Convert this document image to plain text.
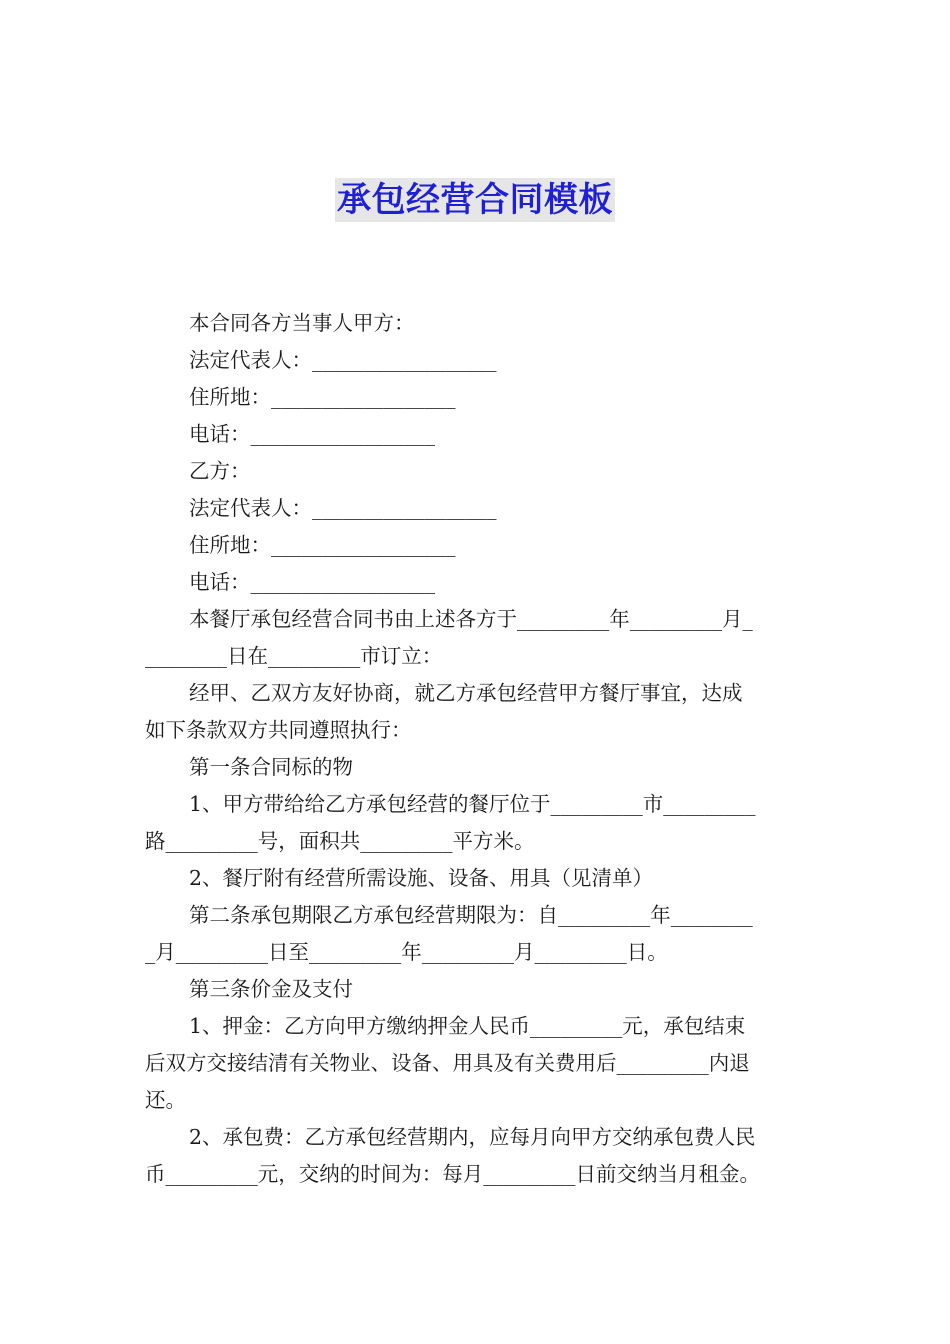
承包经营合同模板

本合同各方当事人甲方：

法定代表人：__________________

住所地：__________________

电话：__________________

乙方：

法定代表人：__________________

住所地：__________________

电话：__________________

本餐厅承包经营合同书由上述各方于_________年_________月_

________日在_________市订立：

经甲、乙双方友好协商，就乙方承包经营甲方餐厅事宜，达成

如下条款双方共同遵照执行：

第一条合同标的物

1、甲方带给给乙方承包经营的餐厅位于_________市_________

路_________号，面积共_________平方米。

2、餐厅附有经营所需设施、设备、用具（见清单）

第二条承包期限乙方承包经营期限为：自_________年________

_月_________日至_________年_________月_________日。

第三条价金及支付

1、押金：乙方向甲方缴纳押金人民币_________元，承包结束

后双方交接结清有关物业、设备、用具及有关费用后_________内退

还。

2、承包费：乙方承包经营期内，应每月向甲方交纳承包费人民

币_________元，交纳的时间为：每月_________日前交纳当月租金。
